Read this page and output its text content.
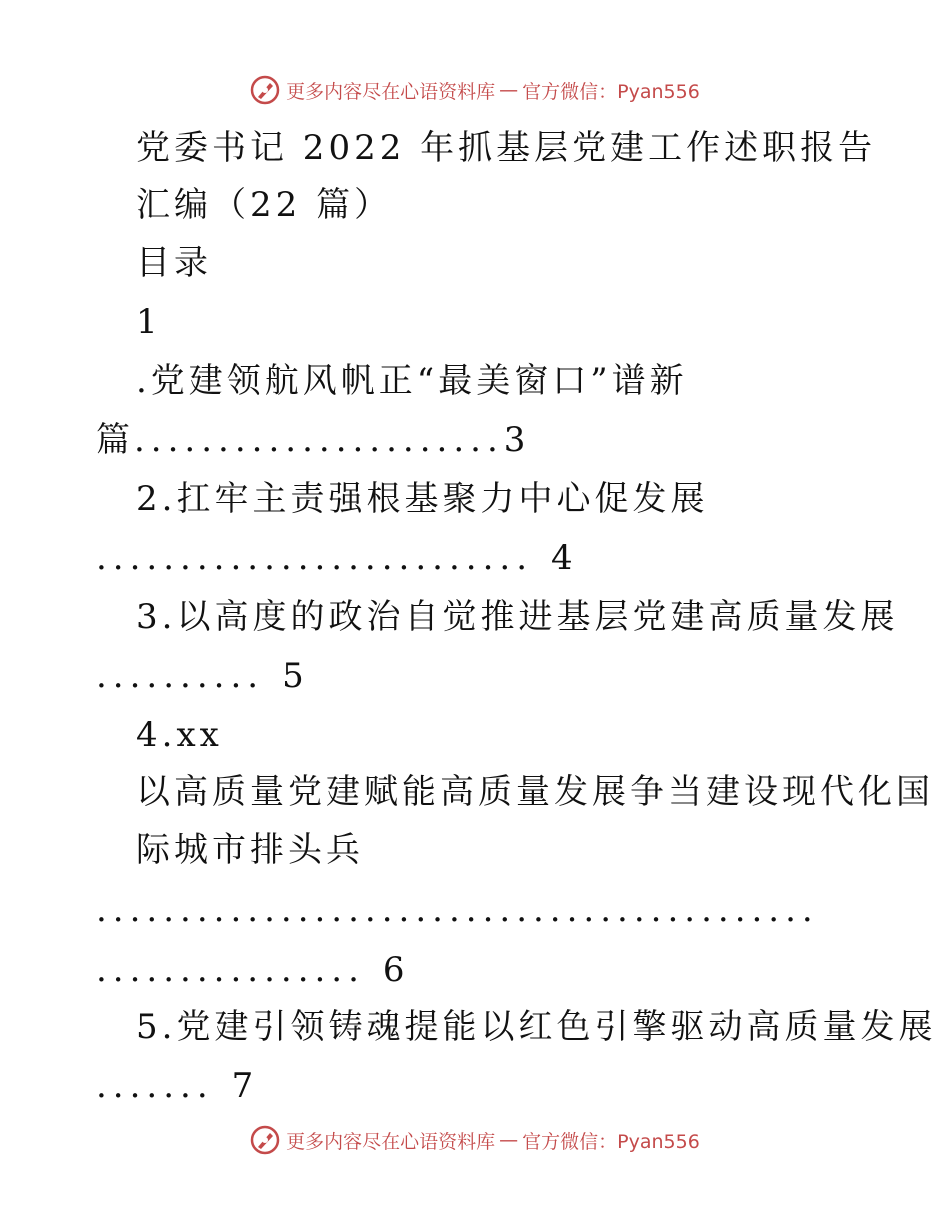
更多内容尽在心语资料库 — 官方微信：Pyan556
党委书记 2022 年抓基层党建工作述职报告
汇编（22 篇）
目录
1
.党建领航风帆正“最美窗口”谱新
篇......................3
2.扛牢主责强根基聚力中心促发展
.......................... 4
3.以高度的政治自觉推进基层党建高质量发展
.......... 5
4.xx
以高质量党建赋能高质量发展争当建设现代化国
际城市排头兵
...........................................
................ 6
5.党建引领铸魂提能以红色引擎驱动高质量发展
....... 7
更多内容尽在心语资料库 — 官方微信：Pyan556
